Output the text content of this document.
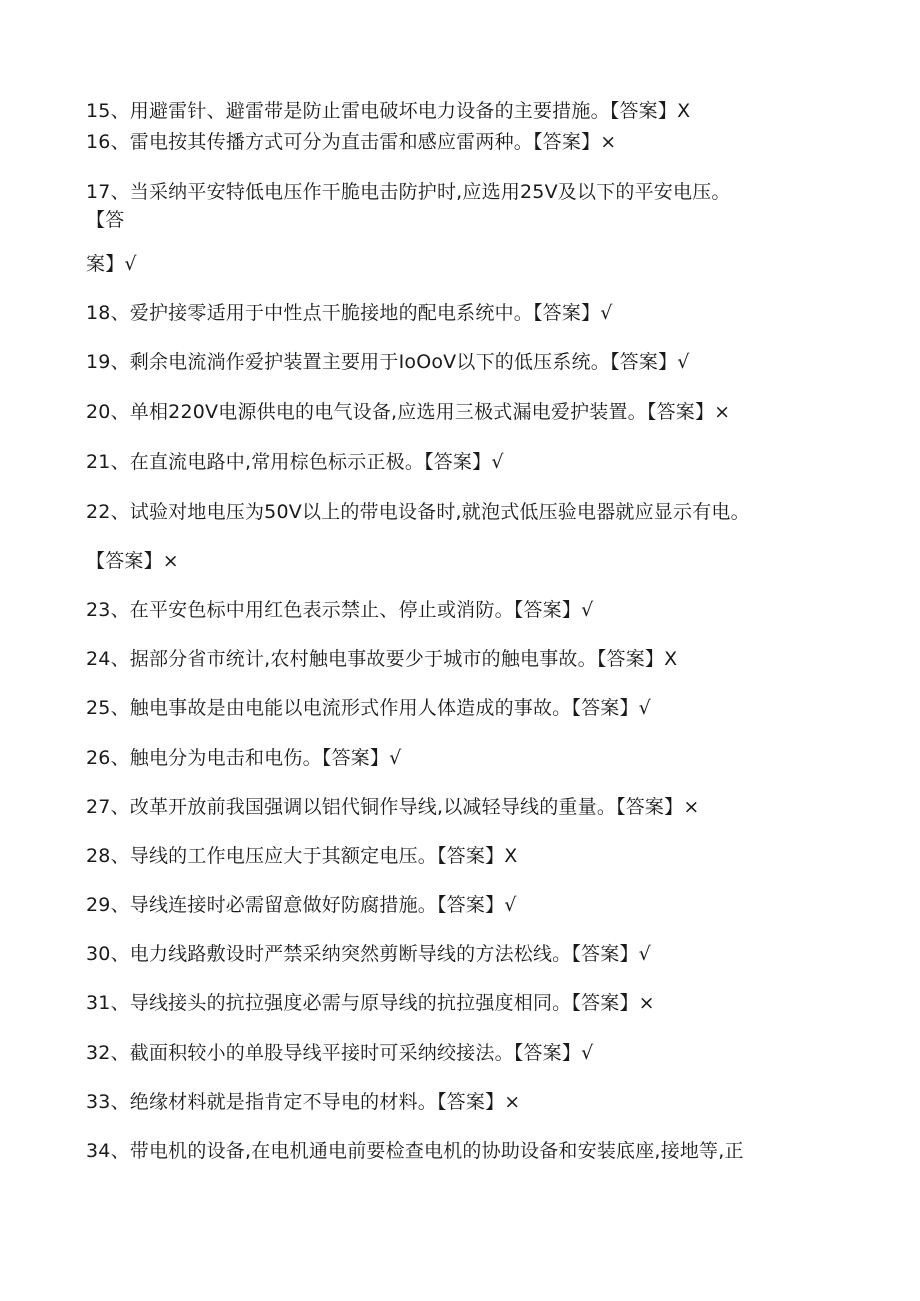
15、用避雷针、避雷带是防止雷电破坏电力设备的主要措施。【答案】X
16、雷电按其传播方式可分为直击雷和感应雷两种。【答案】×
17、当采纳平安特低电压作干脆电击防护时,应选用25V及以下的平安电压。
【答
案】√
18、爱护接零适用于中性点干脆接地的配电系统中。【答案】√
19、剩余电流淌作爱护装置主要用于IoOoV以下的低压系统。【答案】√
20、单相220V电源供电的电气设备,应选用三极式漏电爱护装置。【答案】×
21、在直流电路中,常用棕色标示正极。【答案】√
22、试验对地电压为50V以上的带电设备时,就泡式低压验电器就应显示有电。
【答案】×
23、在平安色标中用红色表示禁止、停止或消防。【答案】√
24、据部分省市统计,农村触电事故要少于城市的触电事故。【答案】X
25、触电事故是由电能以电流形式作用人体造成的事故。【答案】√
26、触电分为电击和电伤。【答案】√
27、改革开放前我国强调以铝代铜作导线,以减轻导线的重量。【答案】×
28、导线的工作电压应大于其额定电压。【答案】X
29、导线连接时必需留意做好防腐措施。【答案】√
30、电力线路敷设时严禁采纳突然剪断导线的方法松线。【答案】√
31、导线接头的抗拉强度必需与原导线的抗拉强度相同。【答案】×
32、截面积较小的单股导线平接时可采纳绞接法。【答案】√
33、绝缘材料就是指肯定不导电的材料。【答案】×
34、带电机的设备,在电机通电前要检查电机的协助设备和安装底座,接地等,正
